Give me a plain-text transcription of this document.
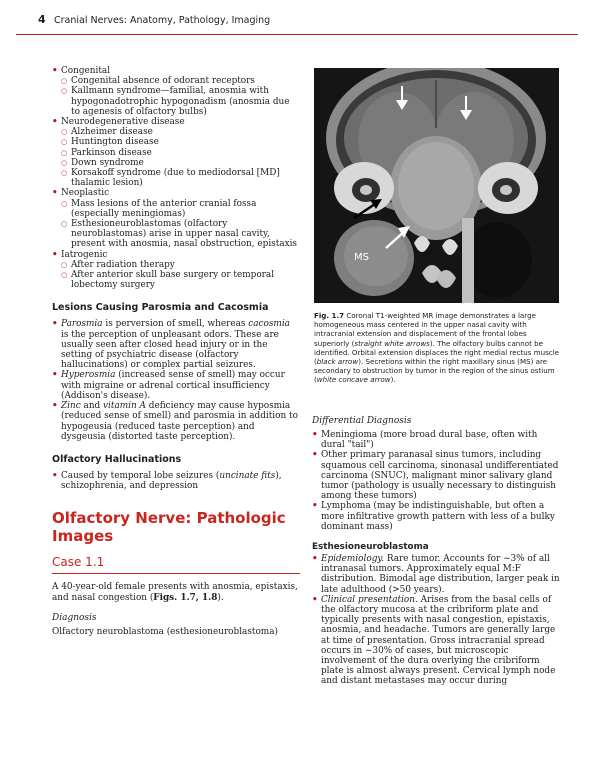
4 Cranial Nerves: Anatomy, Pathology, Imaging
• Congenital
○ Congenital absence of odorant receptors
○ Kallmann syndrome—familial, anosmia with hypogonadotrophic hypogonadism (anosmia due to agenesis of olfactory bulbs)
• Neurodegenerative disease
○ Alzheimer disease
○ Huntington disease
○ Parkinson disease
○ Down syndrome
○ Korsakoff syndrome (due to mediodorsal [MD] thalamic lesion)
• Neoplastic
○ Mass lesions of the anterior cranial fossa (especially meningiomas)
○ Esthesioneuroblastomas (olfactory neuroblastomas) arise in upper nasal cavity, present with anosmia, nasal obstruction, epistaxis
• Iatrogenic
○ After radiation therapy
○ After anterior skull base surgery or temporal lobectomy surgery
Lesions Causing Parosmia and Cacosmia
• Parosmia is perversion of smell, whereas cacosmia is the perception of unpleasant odors. These are usually seen after closed head injury or in the setting of psychiatric disease (olfactory hallucinations) or complex partial seizures.
• Hyperosmia (increased sense of smell) may occur with migraine or adrenal cortical insufficiency (Addison's disease).
• Zinc and vitamin A deficiency may cause hyposmia (reduced sense of smell) and parosmia in addition to hypogeusia (reduced taste perception) and dysgeusia (distorted taste perception).
Olfactory Hallucinations
• Caused by temporal lobe seizures (uncinate fits), schizophrenia, and depression
Olfactory Nerve: Pathologic Images
Case 1.1

A 40-year-old female presents with anosmia, epistaxis, and nasal congestion (Figs. 1.7, 1.8).

Diagnosis

Olfactory neuroblastoma (esthesioneuroblastoma)

MS
Fig. 1.7 Coronal T1-weighted MR image demonstrates a large homogeneous mass centered in the upper nasal cavity with intracranial extension and displacement of the frontal lobes superiorly (straight white arrows). The olfactory bulbs cannot be identified. Orbital extension displaces the right medial rectus muscle (black arrow). Secretions within the right maxillary sinus (MS) are secondary to obstruction by tumor in the region of the sinus ostium (white concave arrow).
Differential Diagnosis
• Meningioma (more broad dural base, often with dural "tail")
• Other primary paranasal sinus tumors, including squamous cell carcinoma, sinonasal undifferentiated carcinoma (SNUC), malignant minor salivary gland tumor (pathology is usually necessary to distinguish among these tumors)
• Lymphoma (may be indistinguishable, but often a more infiltrative growth pattern with less of a bulky dominant mass)
Esthesioneuroblastoma
• Epidemiology. Rare tumor. Accounts for ~3% of all intranasal tumors. Approximately equal M:F distribution. Bimodal age distribution, larger peak in late adulthood (>50 years).
• Clinical presentation. Arises from the basal cells of the olfactory mucosa at the cribriform plate and typically presents with nasal congestion, epistaxis, anosmia, and headache. Tumors are generally large at time of presentation. Gross intracranial spread occurs in ~30% of cases, but microscopic involvement of the dura overlying the cribriform plate is almost always present. Cervical lymph node and distant metastases may occur during
